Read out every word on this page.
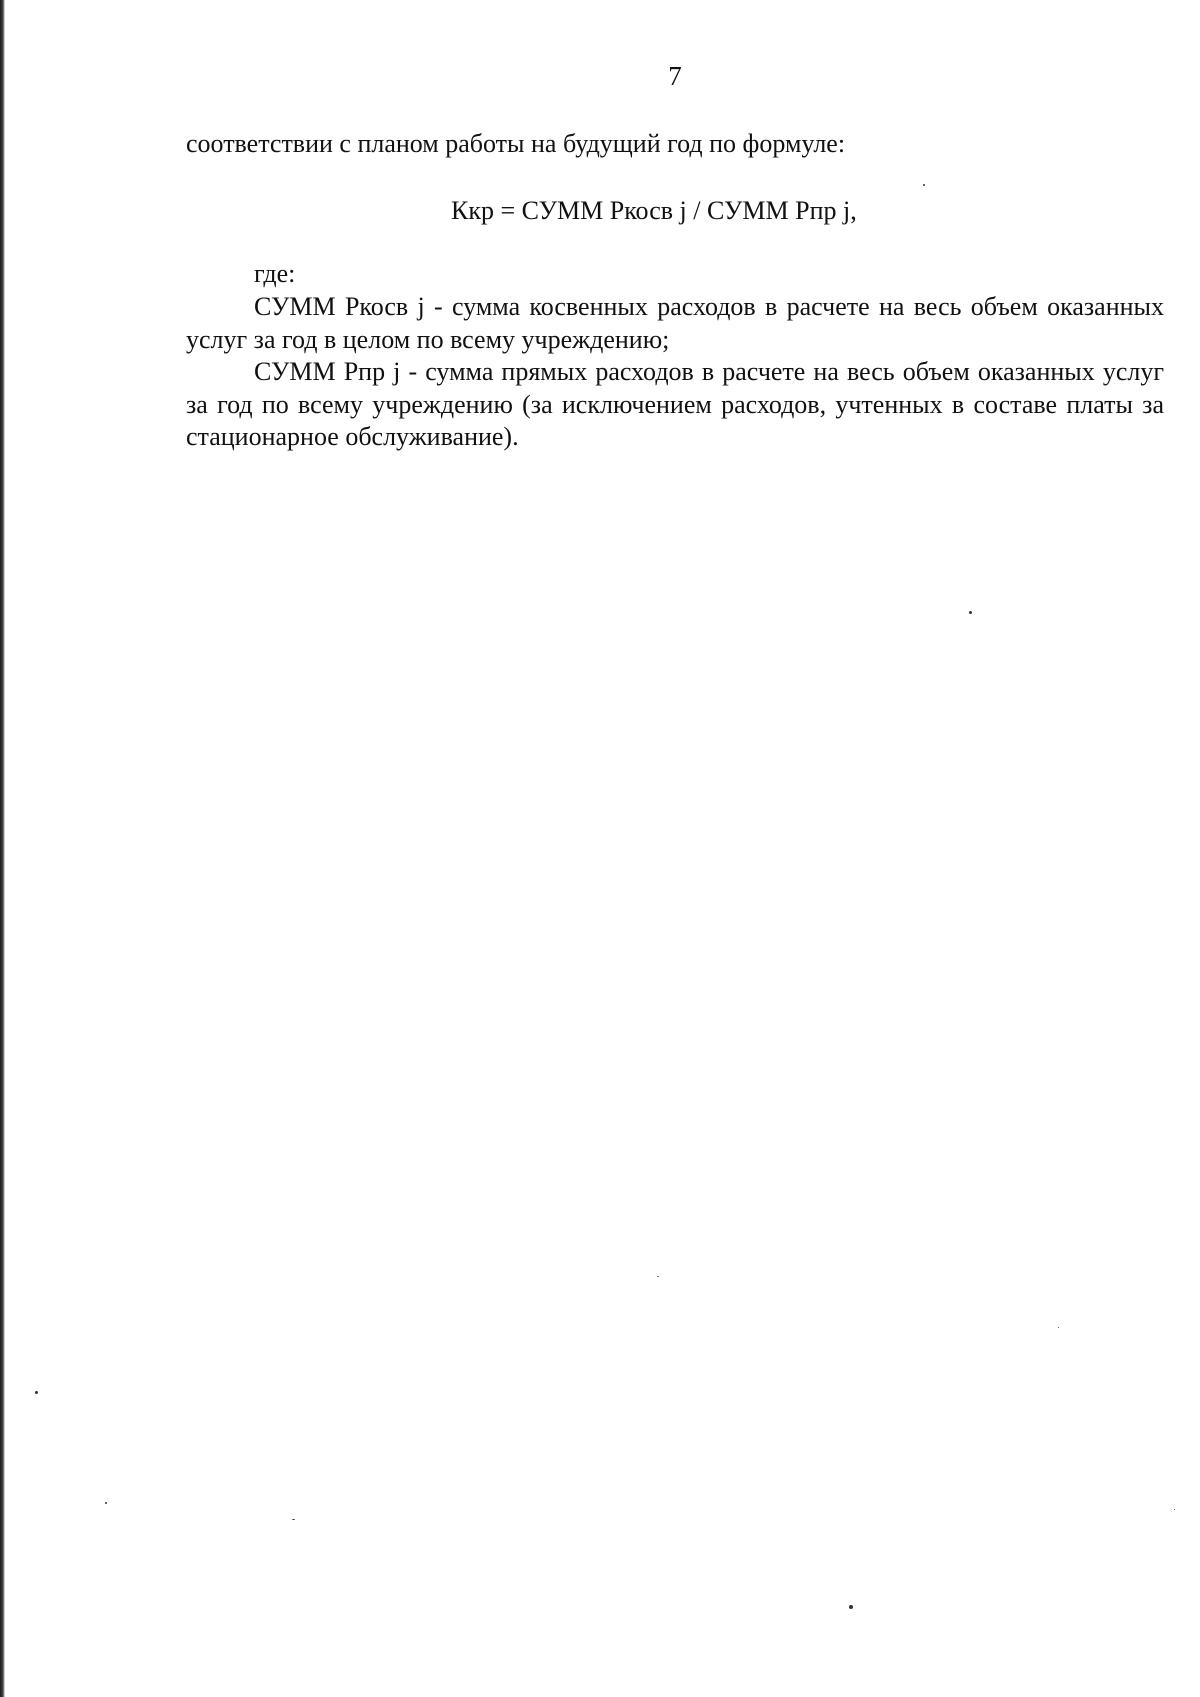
7
соответствии с планом работы на будущий год по формуле:
Ккр = СУММ Ркосв j / СУММ Рпр j,
где:

СУММ Ркосв j - сумма косвенных расходов в расчете на весь объем оказанных услуг за год в целом по всему учреждению;

СУММ Рпр j - сумма прямых расходов в расчете на весь объем оказанных услуг за год по всему учреждению (за исключением расходов, учтенных в составе платы за стационарное обслуживание).
